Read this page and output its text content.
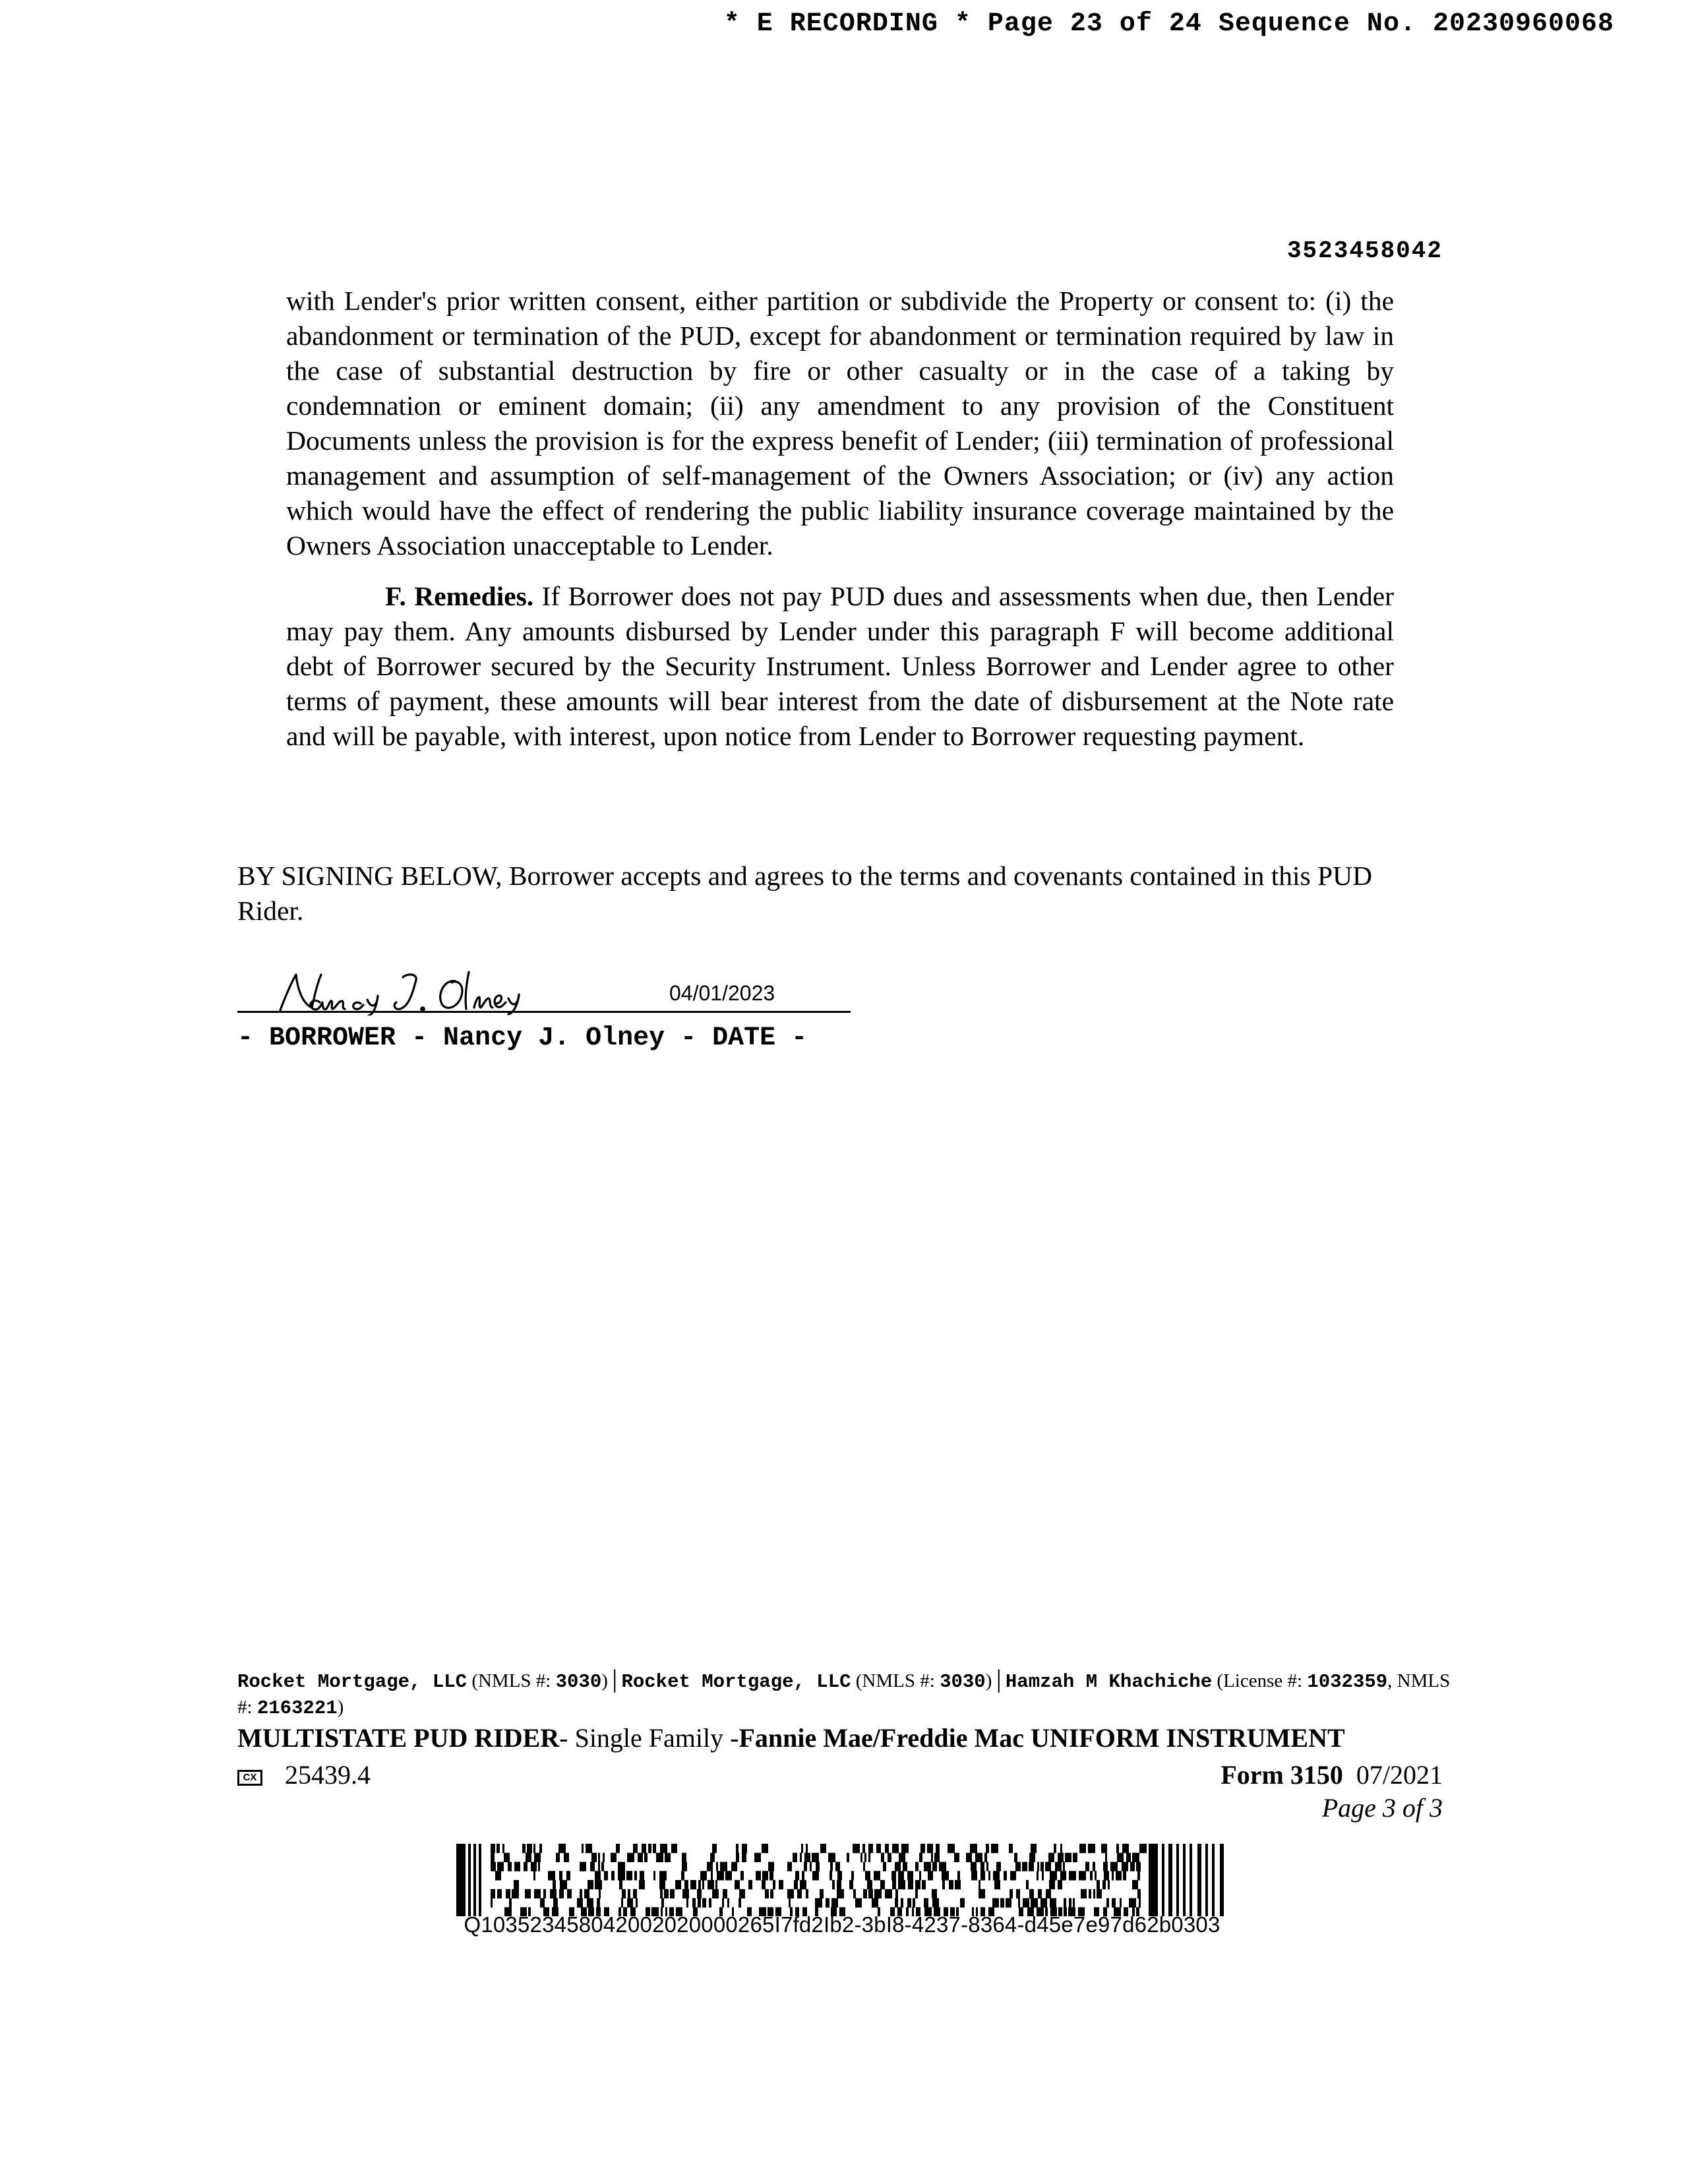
* E RECORDING * Page 23 of 24 Sequence No. 20230960068
3523458042
with Lender's prior written consent, either partition or subdivide the Property or consent to: (i) the abandonment or termination of the PUD, except for abandonment or termination required by law in the case of substantial destruction by fire or other casualty or in the case of a taking by condemnation or eminent domain; (ii) any amendment to any provision of the Constituent Documents unless the provision is for the express benefit of Lender; (iii) termination of professional management and assumption of self-management of the Owners Association; or (iv) any action which would have the effect of rendering the public liability insurance coverage maintained by the Owners Association unacceptable to Lender.
F. Remedies. If Borrower does not pay PUD dues and assessments when due, then Lender may pay them. Any amounts disbursed by Lender under this paragraph F will become additional debt of Borrower secured by the Security Instrument. Unless Borrower and Lender agree to other terms of payment, these amounts will bear interest from the date of disbursement at the Note rate and will be payable, with interest, upon notice from Lender to Borrower requesting payment.
BY SIGNING BELOW, Borrower accepts and agrees to the terms and covenants contained in this PUD Rider.
04/01/2023
- BORROWER - Nancy J. Olney - DATE -
Rocket Mortgage, LLC (NMLS #: 3030)│Rocket Mortgage, LLC (NMLS #: 3030)│Hamzah M Khachiche (License #: 1032359, NMLS #: 2163221)
MULTISTATE PUD RIDER- Single Family -Fannie Mae/Freddie Mac UNIFORM INSTRUMENT
CX 25439.4	Form 3150 07/2021
Page 3 of 3
Q103523458042002020000265I7fd2Ib2-3bI8-4237-8364-d45e7e97d62b0303
